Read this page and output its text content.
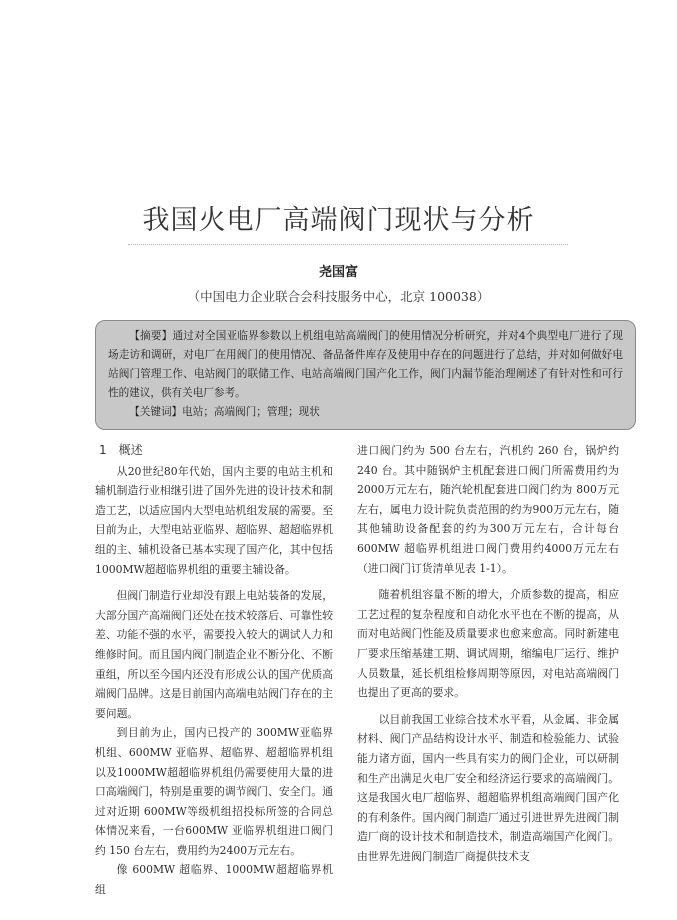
我国火电厂高端阀门现状与分析
尧国富
（中国电力企业联合会科技服务中心，北京 100038）

【摘要】通过对全国亚临界参数以上机组电站高端阀门的使用情况分析研究，并对4个典型电厂进行了现场走访和调研，对电厂在用阀门的使用情况、备品备件库存及使用中存在的问题进行了总结，并对如何做好电站阀门管理工作、电站阀门的联储工作、电站高端阀门国产化工作，阀门内漏节能治理阐述了有针对性和可行性的建议，供有关电厂参考。

【关键词】电站；高端阀门；管理；现状

1　概述

从20世纪80年代始，国内主要的电站主机和辅机制造行业相继引进了国外先进的设计技术和制造工艺，以适应国内大型电站机组发展的需要。至目前为止，大型电站亚临界、超临界、超超临界机组的主、辅机设备已基本实现了国产化，其中包括1000MW超超临界机组的重要主辅设备。

但阀门制造行业却没有跟上电站装备的发展，大部分国产高端阀门还处在技术较落后、可靠性较差、功能不强的水平，需要投入较大的调试人力和维修时间。而且国内阀门制造企业不断分化、不断重组，所以至今国内还没有形成公认的国产优质高端阀门品牌。这是目前国内高端电站阀门存在的主要问题。

到目前为止，国内已投产的 300MW亚临界机组、600MW 亚临界、超临界、超超临界机组以及1000MW超超临界机组仍需要使用大量的进口高端阀门，特别是重要的调节阀门、安全门。通过对近期 600MW等级机组招投标所签的合同总体情况来看，一台600MW 亚临界机组进口阀门约 150 台左右，费用约为2400万元左右。

像 600MW 超临界、1000MW超超临界机组

进口阀门约为 500 台左右，汽机约 260 台，锅炉约 240 台。其中随锅炉主机配套进口阀门所需费用约为 2000万元左右，随汽轮机配套进口阀门约为 800万元左右，属电力设计院负责范围的约为900万元左右，随其他辅助设备配套的约为300万元左右，合计每台 600MW 超临界机组进口阀门费用约4000万元左右（进口阀门订货清单见表 1-1）。

随着机组容量不断的增大，介质参数的提高，相应工艺过程的复杂程度和自动化水平也在不断的提高，从而对电站阀门性能及质量要求也愈来愈高。同时新建电厂要求压缩基建工期、调试周期，缩编电厂运行、维护人员数量，延长机组检修周期等原因，对电站高端阀门也提出了更高的要求。

以目前我国工业综合技术水平看，从金属、非金属材料、阀门产品结构设计水平、制造和检验能力、试验能力诸方面，国内一些具有实力的阀门企业，可以研制和生产出满足火电厂安全和经济运行要求的高端阀门。这是我国火电厂超临界、超超临界机组高端阀门国产化的有利条件。国内阀门制造厂通过引进世界先进阀门制造厂商的设计技术和制造技术，制造高端国产化阀门。由世界先进阀门制造厂商提供技术支
